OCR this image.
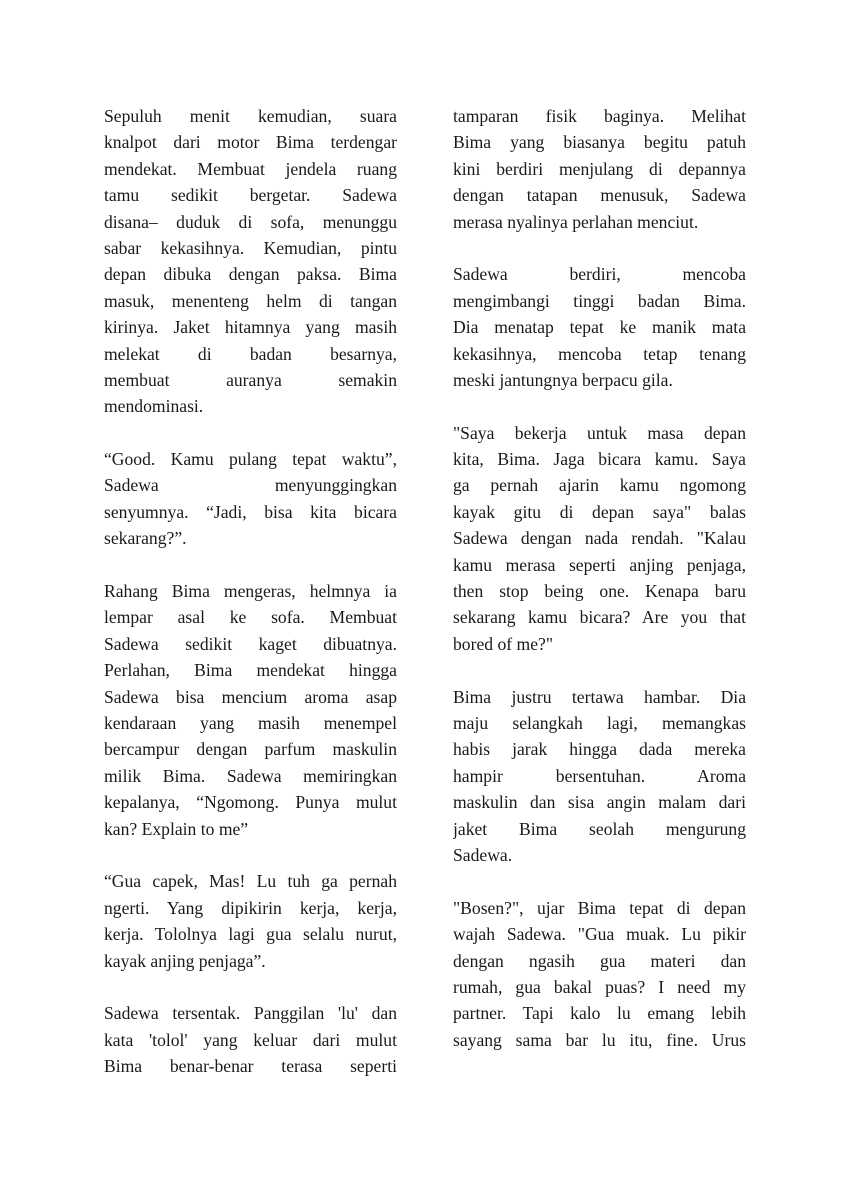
Sepuluh menit kemudian, suara
knalpot dari motor Bima terdengar
mendekat. Membuat jendela ruang
tamu sedikit bergetar. Sadewa
disana– duduk di sofa, menunggu
sabar kekasihnya. Kemudian, pintu
depan dibuka dengan paksa. Bima
masuk, menenteng helm di tangan
kirinya. Jaket hitamnya yang masih
melekat di badan besarnya,
membuat auranya semakin
mendominasi.
“Good. Kamu pulang tepat waktu”,
Sadewa menyunggingkan
senyumnya. “Jadi, bisa kita bicara
sekarang?”.
Rahang Bima mengeras, helmnya ia
lempar asal ke sofa. Membuat
Sadewa sedikit kaget dibuatnya.
Perlahan, Bima mendekat hingga
Sadewa bisa mencium aroma asap
kendaraan yang masih menempel
bercampur dengan parfum maskulin
milik Bima. Sadewa memiringkan
kepalanya, “Ngomong. Punya mulut
kan? Explain to me”
“Gua capek, Mas! Lu tuh ga pernah
ngerti. Yang dipikirin kerja, kerja,
kerja. Tololnya lagi gua selalu nurut,
kayak anjing penjaga”.
Sadewa tersentak. Panggilan 'lu' dan
kata 'tolol' yang keluar dari mulut
Bima benar-benar terasa seperti
tamparan fisik baginya. Melihat
Bima yang biasanya begitu patuh
kini berdiri menjulang di depannya
dengan tatapan menusuk, Sadewa
merasa nyalinya perlahan menciut.
Sadewa berdiri, mencoba
mengimbangi tinggi badan Bima.
Dia menatap tepat ke manik mata
kekasihnya, mencoba tetap tenang
meski jantungnya berpacu gila.
"Saya bekerja untuk masa depan
kita, Bima. Jaga bicara kamu. Saya
ga pernah ajarin kamu ngomong
kayak gitu di depan saya" balas
Sadewa dengan nada rendah. "Kalau
kamu merasa seperti anjing penjaga,
then stop being one. Kenapa baru
sekarang kamu bicara? Are you that
bored of me?"
Bima justru tertawa hambar. Dia
maju selangkah lagi, memangkas
habis jarak hingga dada mereka
hampir bersentuhan. Aroma
maskulin dan sisa angin malam dari
jaket Bima seolah mengurung
Sadewa.
"Bosen?", ujar Bima tepat di depan
wajah Sadewa. "Gua muak. Lu pikir
dengan ngasih gua materi dan
rumah, gua bakal puas? I need my
partner. Tapi kalo lu emang lebih
sayang sama bar lu itu, fine. Urus
